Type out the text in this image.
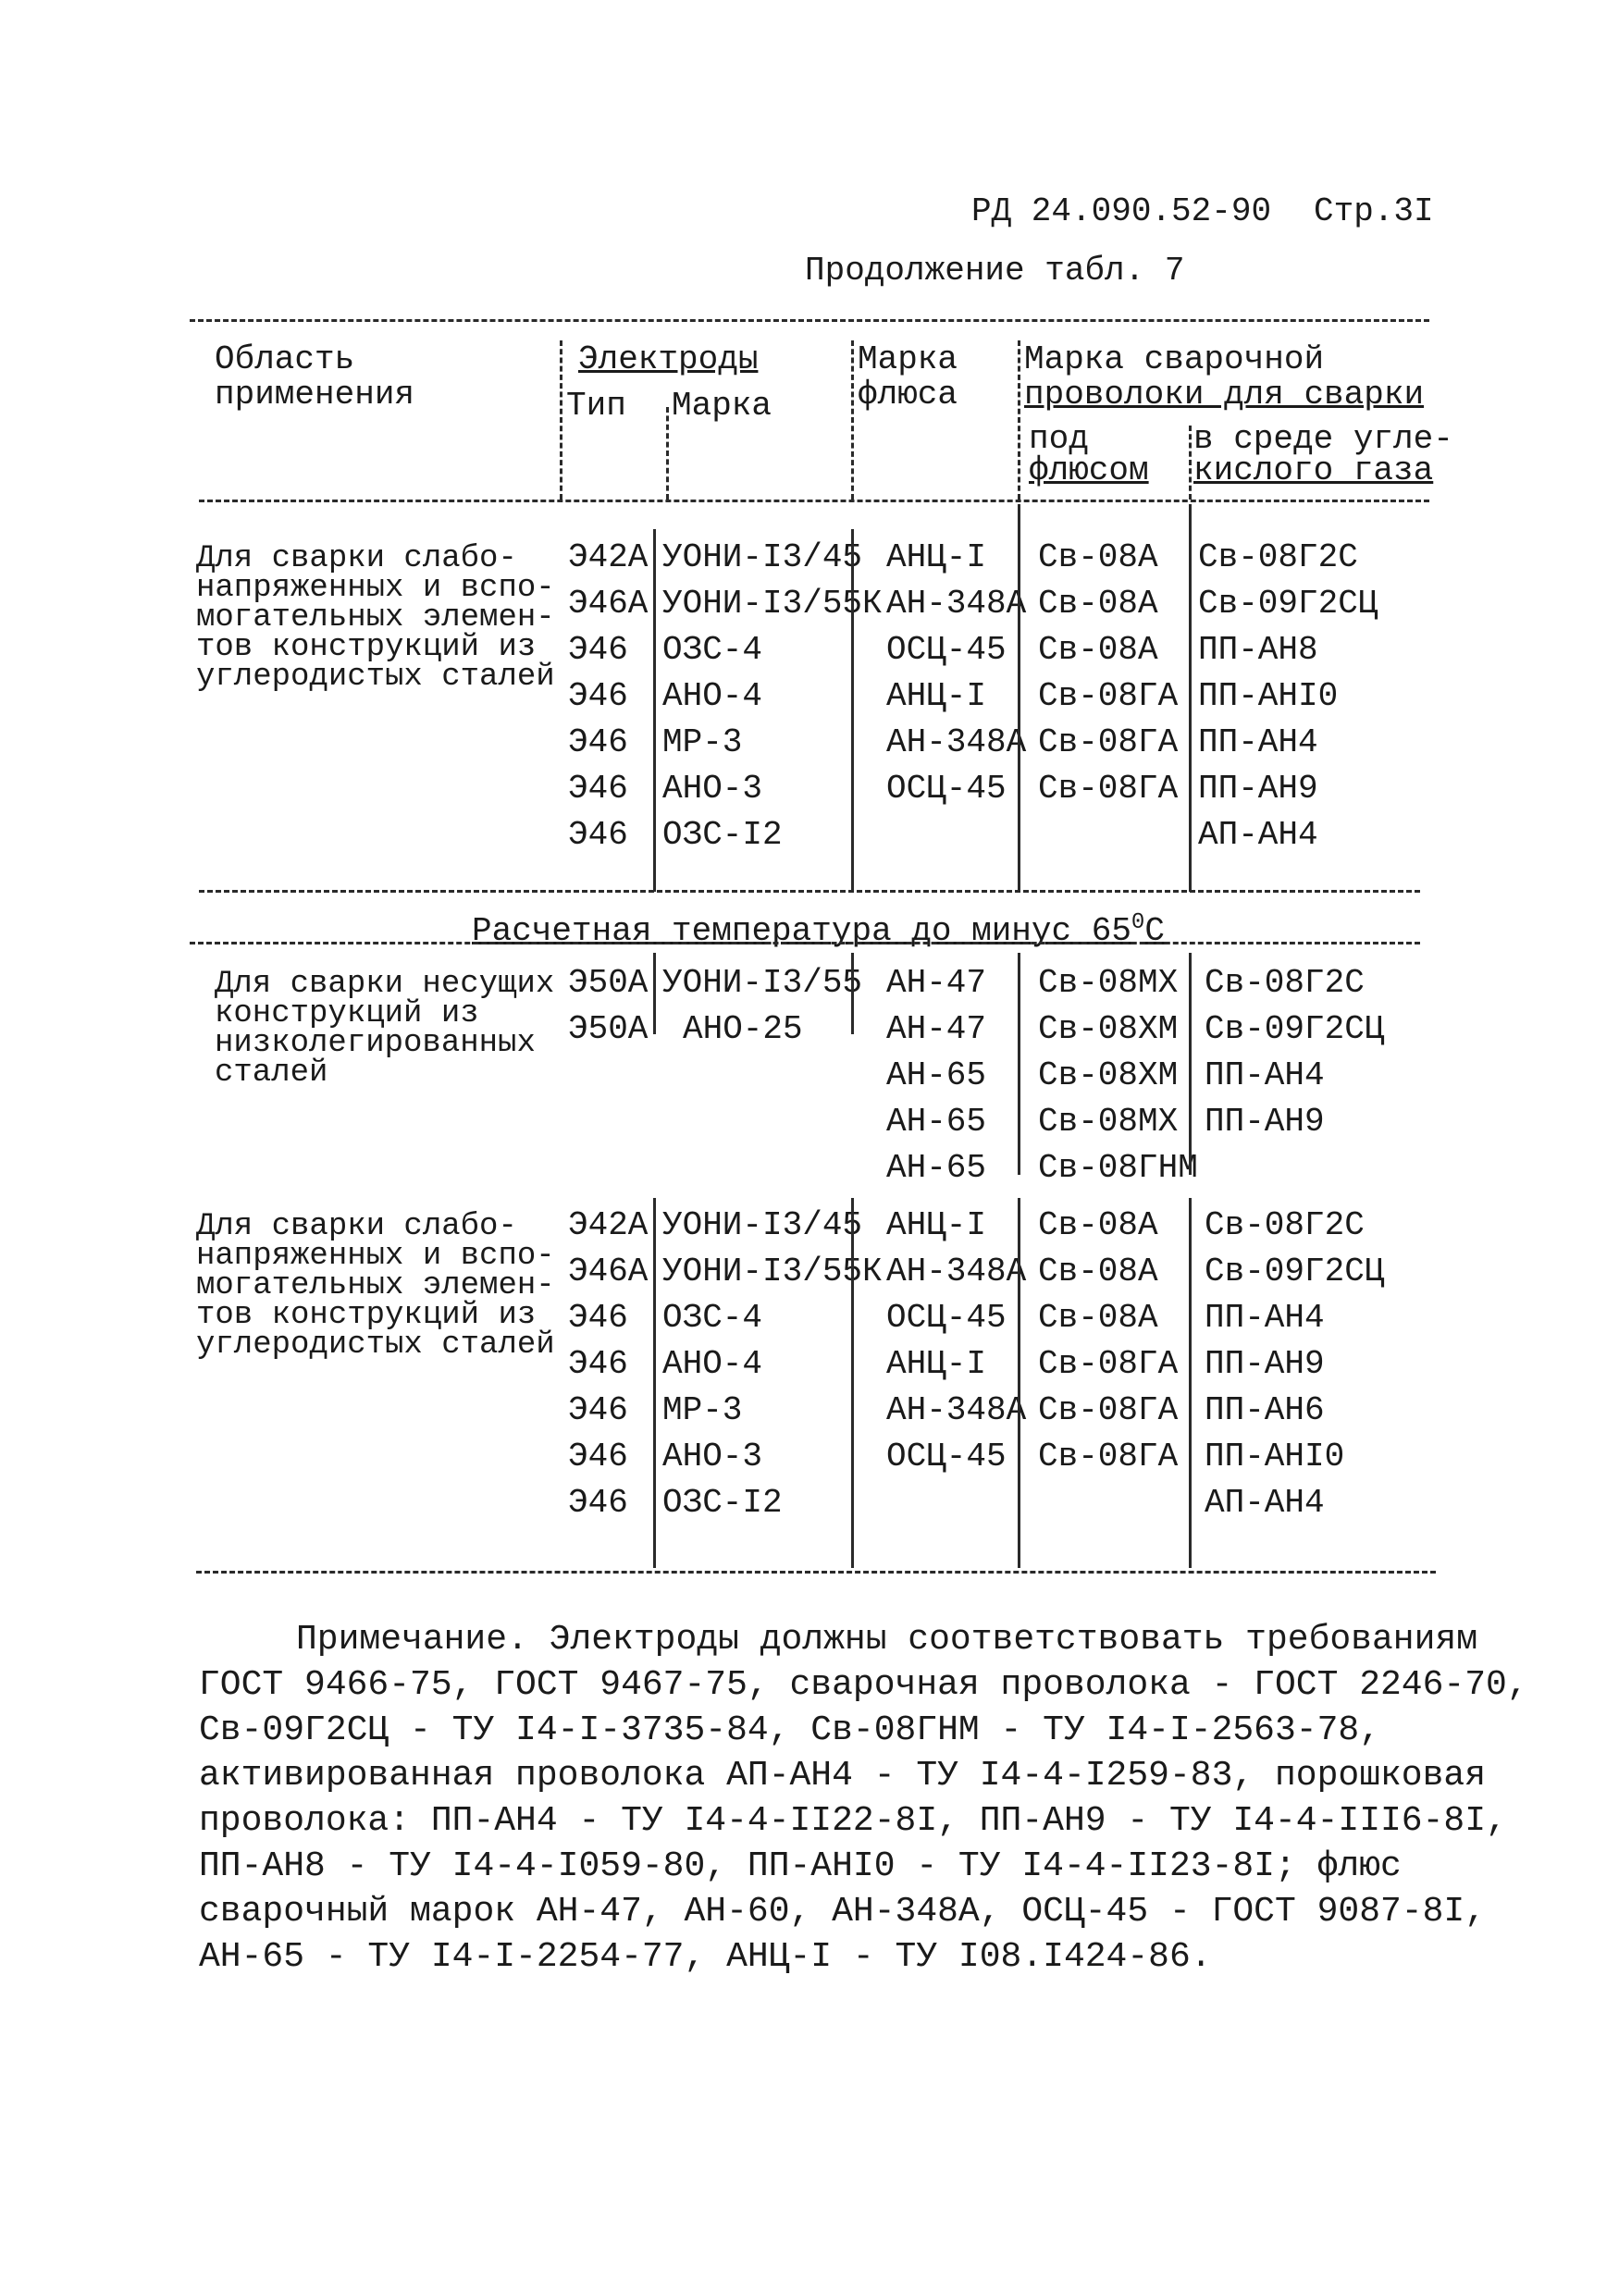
РД 24.090.52-90 Стр.3I
Продолжение табл. 7
Область
применения
Электроды
Тип Марка
Марка
флюса
Марка сварочной
проволоки для сварки
под
флюсом
в среде угле-
кислого газа
Для сварки слабо-
напряженных и вспо-
могательных элемен-
тов конструкций из
углеродистых сталей
Э42А
Э46А
Э46
Э46
Э46
Э46
Э46
УОНИ-I3/45
УОНИ-I3/55К
ОЗС-4
АНО-4
МР-3
АНО-3
ОЗС-I2
АНЦ-I
АН-348А
ОСЦ-45
АНЦ-I
АН-348А
ОСЦ-45
Св-08А
Св-08А
Св-08А
Св-08ГА
Св-08ГА
Св-08ГА
Св-08Г2С
Св-09Г2СЦ
ПП-АН8
ПП-АНI0
ПП-АН4
ПП-АН9
АП-АН4
Расчетная температура до минус $65^0С$
Для сварки несущих
конструкций из
низколегированных
сталей
Э50А
Э50А
УОНИ-I3/55
АНО-25
АН-47
АН-47
АН-65
АН-65
АН-65
Св-08МХ
Св-08ХМ
Св-08ХМ
Св-08МХ
Св-08ГНМ
Св-08Г2С
Св-09Г2СЦ
ПП-АН4
ПП-АН9
Для сварки слабо-
напряженных и вспо-
могательных элемен-
тов конструкций из
углеродистых сталей
Э42А
Э46А
Э46
Э46
Э46
Э46
Э46
УОНИ-I3/45
УОНИ-I3/55К
ОЗС-4
АНО-4
МР-3
АНО-3
ОЗС-I2
АНЦ-I
АН-348А
ОСЦ-45
АНЦ-I
АН-348А
ОСЦ-45
Св-08А
Св-08А
Св-08А
Св-08ГА
Св-08ГА
Св-08ГА
Св-08Г2С
Св-09Г2СЦ
ПП-АН4
ПП-АН9
ПП-АН6
ПП-АНI0
АП-АН4
Примечание. Электроды должны соответствовать требованиям
ГОСТ 9466-75, ГОСТ 9467-75, сварочная проволока - ГОСТ 2246-70,
Св-09Г2СЦ - ТУ I4-I-3735-84, Св-08ГНМ - ТУ I4-I-2563-78,
активированная проволока АП-АН4 - ТУ I4-4-I259-83, порошковая
проволока: ПП-АН4 - ТУ I4-4-II22-8I, ПП-АН9 - ТУ I4-4-III6-8I,
ПП-АН8 - ТУ I4-4-I059-80, ПП-АНI0 - ТУ I4-4-II23-8I; флюс
сварочный марок АН-47, АН-60, АН-348А, ОСЦ-45 - ГОСТ 9087-8I,
АН-65 - ТУ I4-I-2254-77, АНЦ-I - ТУ I08.I424-86.
